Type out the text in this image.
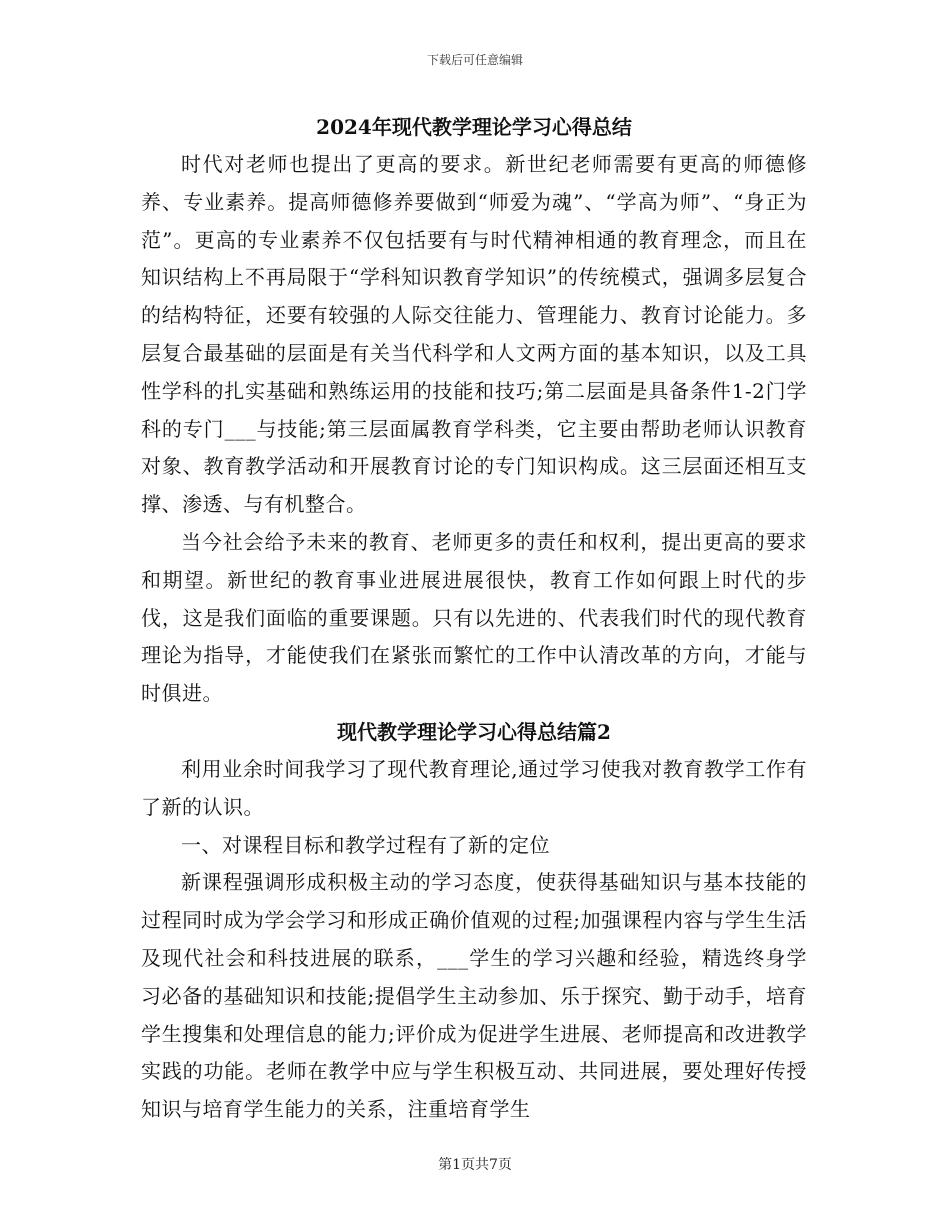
下载后可任意编辑
2024年现代教学理论学习心得总结

时代对老师也提出了更高的要求。新世纪老师需要有更高的师德修养、专业素养。提高师德修养要做到“师爱为魂”、“学高为师”、“身正为范”。更高的专业素养不仅包括要有与时代精神相通的教育理念，而且在知识结构上不再局限于“学科知识教育学知识”的传统模式，强调多层复合的结构特征，还要有较强的人际交往能力、管理能力、教育讨论能力。多层复合最基础的层面是有关当代科学和人文两方面的基本知识，以及工具性学科的扎实基础和熟练运用的技能和技巧;第二层面是具备条件1-2门学科的专门___与技能;第三层面属教育学科类，它主要由帮助老师认识教育对象、教育教学活动和开展教育讨论的专门知识构成。这三层面还相互支撑、渗透、与有机整合。

当今社会给予未来的教育、老师更多的责任和权利，提出更高的要求和期望。新世纪的教育事业进展进展很快，教育工作如何跟上时代的步伐，这是我们面临的重要课题。只有以先进的、代表我们时代的现代教育理论为指导，才能使我们在紧张而繁忙的工作中认清改革的方向，才能与时俱进。

现代教学理论学习心得总结篇2

利用业余时间我学习了现代教育理论,通过学习使我对教育教学工作有了新的认识。

一、对课程目标和教学过程有了新的定位

新课程强调形成积极主动的学习态度，使获得基础知识与基本技能的过程同时成为学会学习和形成正确价值观的过程;加强课程内容与学生生活及现代社会和科技进展的联系，___学生的学习兴趣和经验，精选终身学习必备的基础知识和技能;提倡学生主动参加、乐于探究、勤于动手，培育学生搜集和处理信息的能力;评价成为促进学生进展、老师提高和改进教学实践的功能。老师在教学中应与学生积极互动、共同进展，要处理好传授知识与培育学生能力的关系，注重培育学生

第1页共7页
